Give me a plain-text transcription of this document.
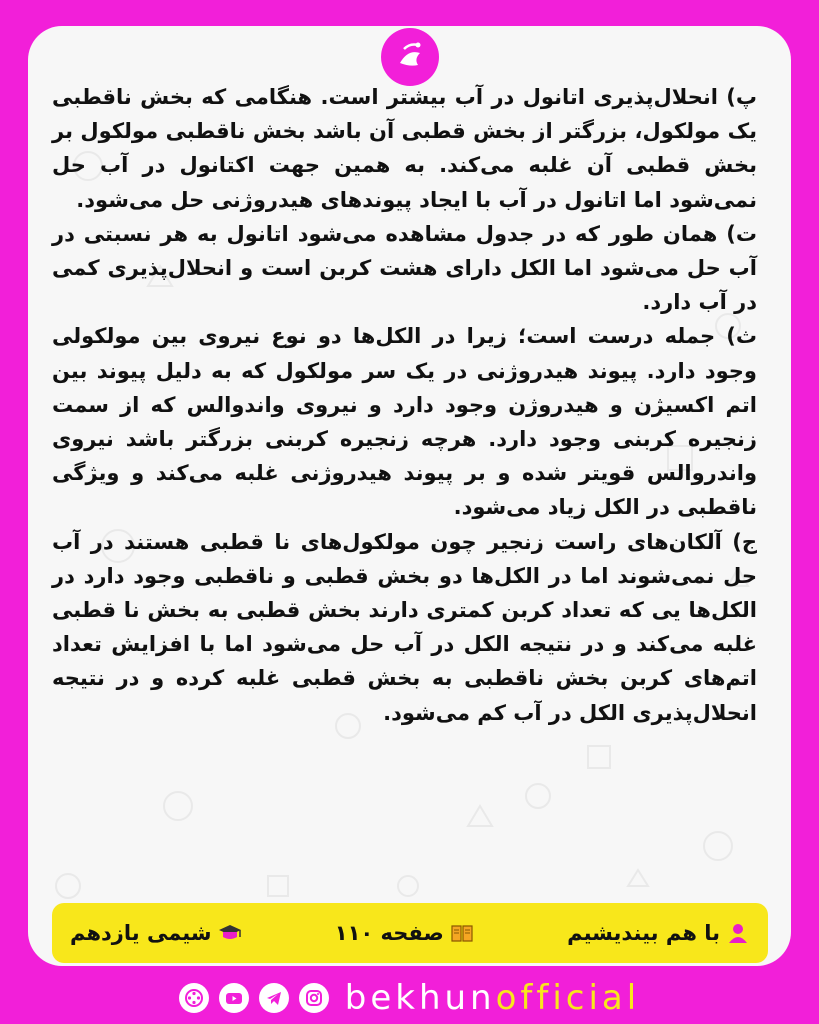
پ) انحلال‌پذیری اتانول در آب بیشتر است. هنگامی که بخش ناقطبی یک مولکول، بزرگتر از بخش قطبی آن باشد بخش ناقطبی مولکول بر بخش قطبی آن غلبه می‌کند. به همین جهت اکتانول در آب حل نمی‌شود اما اتانول در آب با ایجاد پیوندهای هیدروژنی حل می‌شود.

ت) همان طور که در جدول مشاهده می‌شود اتانول به هر نسبتی در آب حل می‌شود اما الکل دارای هشت کربن است و انحلال‌پذیری کمی در آب دارد.

ث) جمله درست است؛ زیرا در الکل‌ها دو نوع نیروی بین مولکولی وجود دارد. پیوند هیدروژنی در یک سر مولکول که به دلیل پیوند بین اتم اکسیژن و هیدروژن وجود دارد و نیروی واندوالس که از سمت زنجیره کربنی وجود دارد. هرچه زنجیره کربنی بزرگتر باشد نیروی واندروالس قویتر شده و بر پیوند هیدروژنی غلبه می‌کند و ویژگی ناقطبی در الکل زیاد می‌شود.

ج) آلکان‌های راست زنجیر چون مولکول‌های نا قطبی هستند در آب حل نمی‌شوند اما در الکل‌ها دو بخش قطبی و ناقطبی وجود دارد در الکل‌ها یی که تعداد کربن کمتری دارند بخش قطبی به بخش نا قطبی غلبه می‌کند و در نتیجه الکل در آب حل می‌شود اما با افزایش تعداد اتم‌های کربن بخش ناقطبی به بخش قطبی غلبه کرده و در نتیجه انحلال‌پذیری الکل در آب کم می‌شود.

با هم بیندیشیم
صفحه ۱۱۰
شیمی یازدهم
bekhunofficial
